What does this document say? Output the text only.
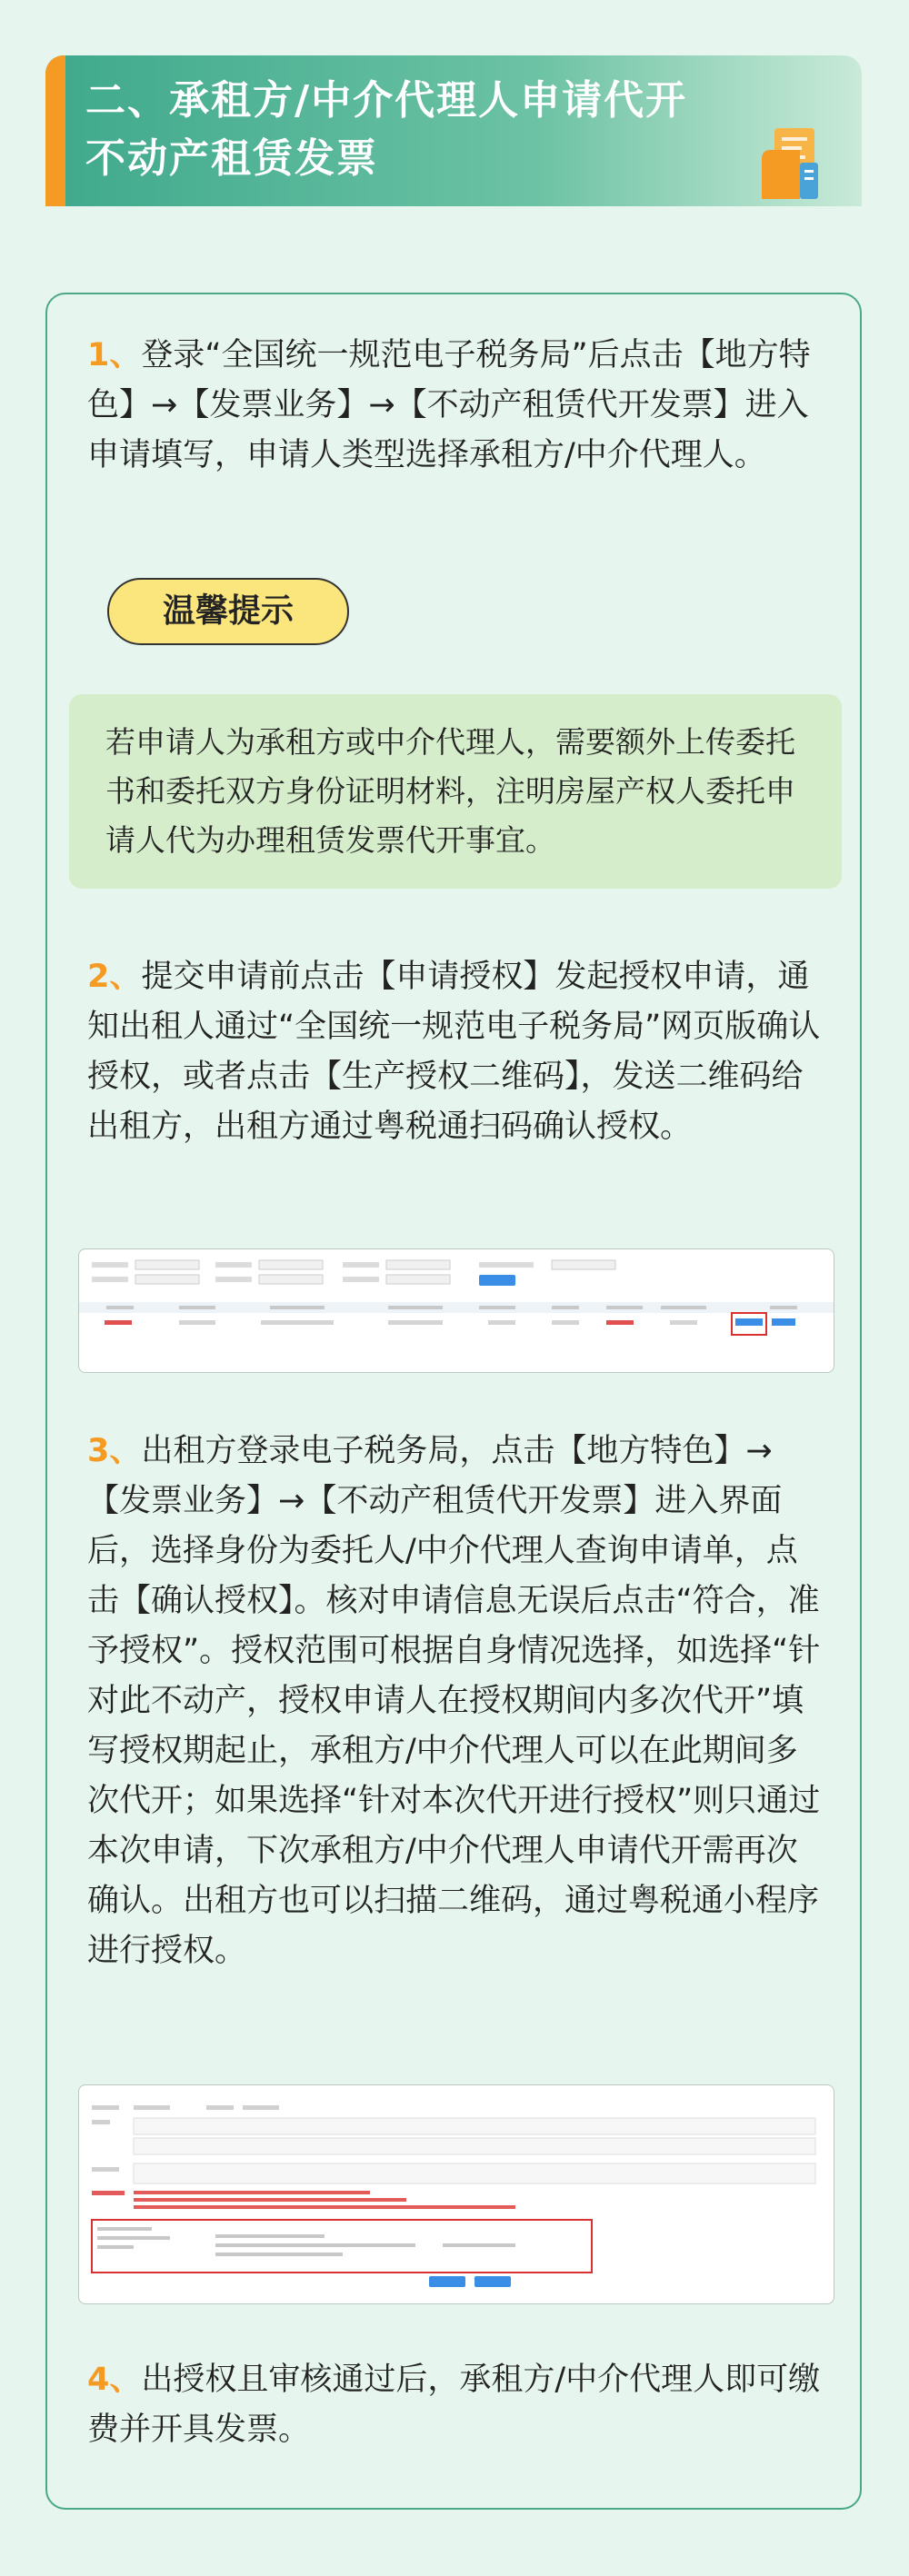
二、承租方/中介代理人申请代开
不动产租赁发票

1、登录“全国统一规范电子税务局”后点击【地方特色】→【发票业务】→【不动产租赁代开发票】进入申请填写，申请人类型选择承租方/中介代理人。

温馨提示
若申请人为承租方或中介代理人，需要额外上传委托书和委托双方身份证明材料，注明房屋产权人委托申请人代为办理租赁发票代开事宜。

2、提交申请前点击【申请授权】发起授权申请，通知出租人通过“全国统一规范电子税务局”网页版确认授权，或者点击【生产授权二维码】，发送二维码给出租方，出租方通过粤税通扫码确认授权。

3、出租方登录电子税务局，点击【地方特色】→【发票业务】→【不动产租赁代开发票】进入界面后，选择身份为委托人/中介代理人查询申请单，点击【确认授权】。核对申请信息无误后点击“符合，准予授权”。授权范围可根据自身情况选择，如选择“针对此不动产，授权申请人在授权期间内多次代开”填写授权期起止，承租方/中介代理人可以在此期间多次代开；如果选择“针对本次代开进行授权”则只通过本次申请，下次承租方/中介代理人申请代开需再次确认。出租方也可以扫描二维码，通过粤税通小程序进行授权。

4、出授权且审核通过后，承租方/中介代理人即可缴费并开具发票。
